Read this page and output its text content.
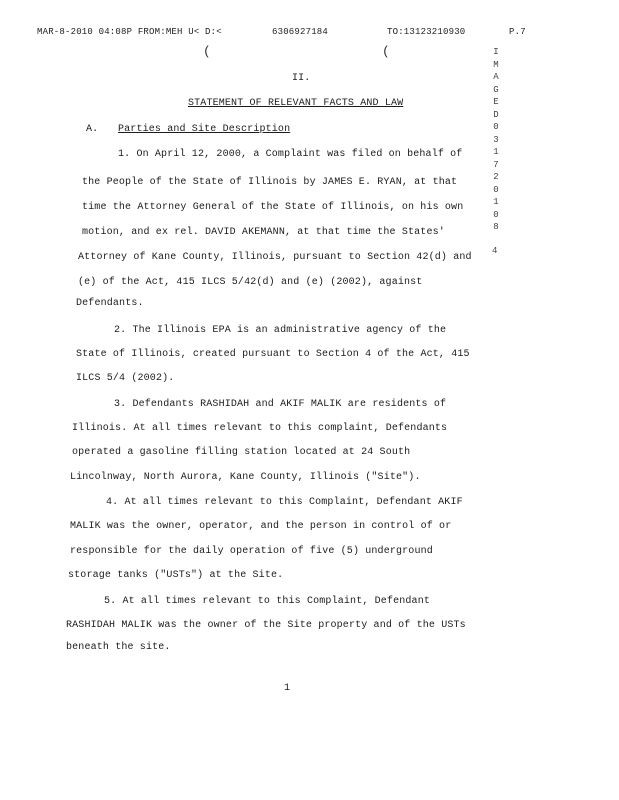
MAR-8-2010 04:08P FROM:MEH U< D:<	6306927184	TO:13123210930	P.7
(	(	IMAGED031720108
4
II.
STATEMENT OF RELEVANT FACTS AND LAW
A. Parties and Site Description
1. On April 12, 2000, a Complaint was filed on behalf of
the People of the State of Illinois by JAMES E. RYAN, at that
time the Attorney General of the State of Illinois, on his own
motion, and ex rel. DAVID AKEMANN, at that time the States'
Attorney of Kane County, Illinois, pursuant to Section 42(d) and
(e) of the Act, 415 ILCS 5/42(d) and (e) (2002), against
Defendants.
2. The Illinois EPA is an administrative agency of the
State of Illinois, created pursuant to Section 4 of the Act, 415
ILCS 5/4 (2002).
3. Defendants RASHIDAH and AKIF MALIK are residents of
Illinois. At all times relevant to this complaint, Defendants
operated a gasoline filling station located at 24 South
Lincolnway, North Aurora, Kane County, Illinois ("Site").
4. At all times relevant to this Complaint, Defendant AKIF
MALIK was the owner, operator, and the person in control of or
responsible for the daily operation of five (5) underground
storage tanks ("USTs") at the Site.
5. At all times relevant to this Complaint, Defendant
RASHIDAH MALIK was the owner of the Site property and of the USTs
beneath the site.
1
